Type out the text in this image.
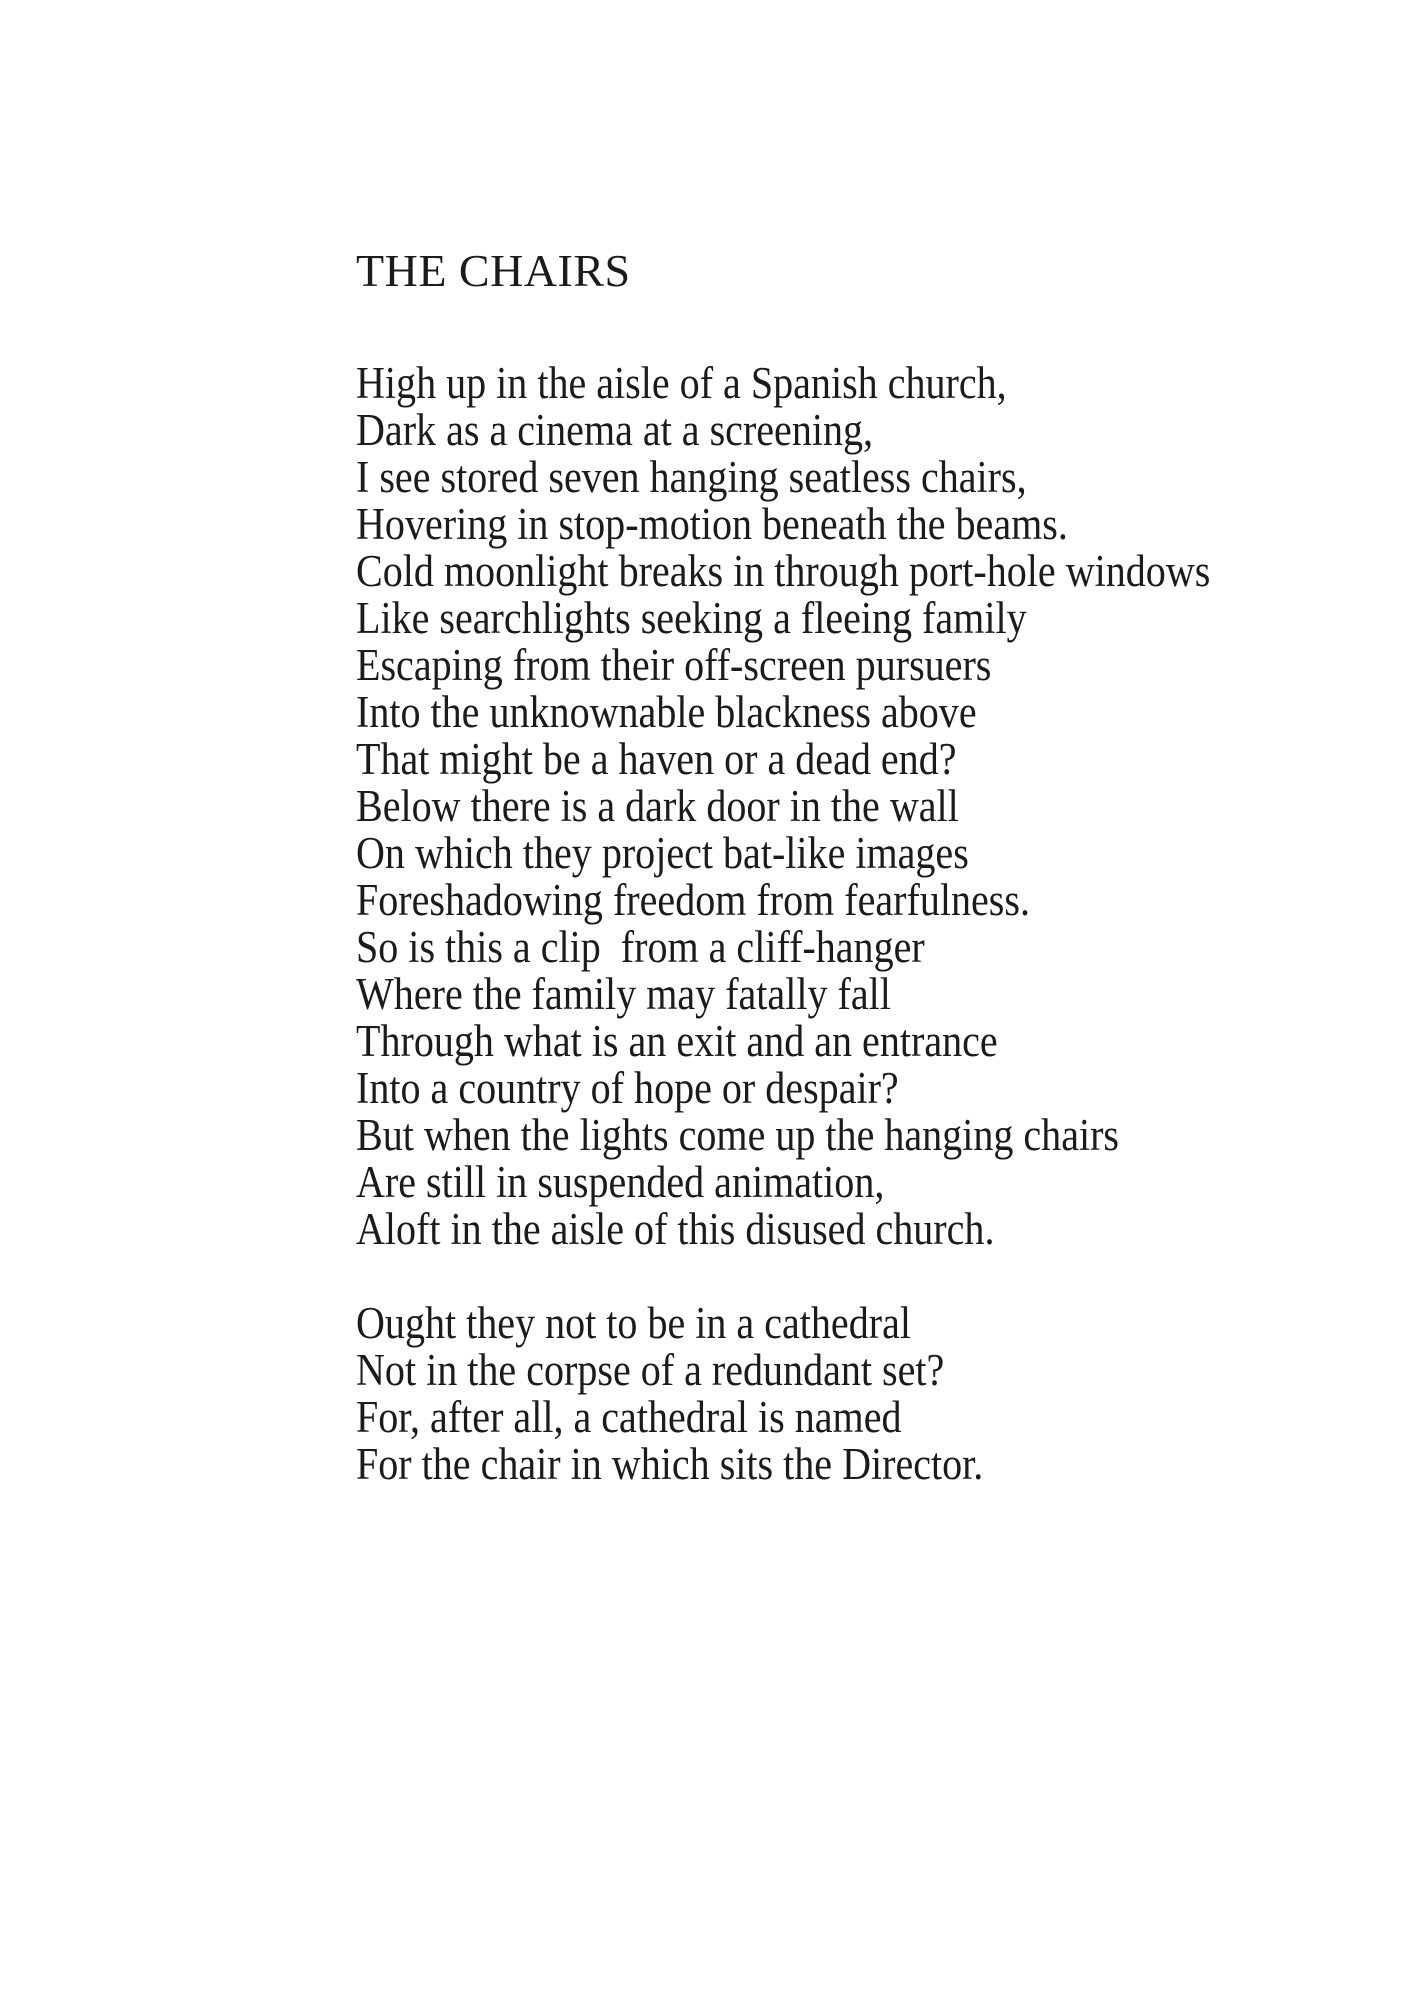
THE CHAIRS
High up in the aisle of a Spanish church,
Dark as a cinema at a screening,
I see stored seven hanging seatless chairs,
Hovering in stop-motion beneath the beams.
Cold moonlight breaks in through port-hole windows
Like searchlights seeking a fleeing family
Escaping from their off-screen pursuers
Into the unknownable blackness above
That might be a haven or a dead end?
Below there is a dark door in the wall
On which they project bat-like images
Foreshadowing freedom from fearfulness.
So is this a clip  from a cliff-hanger
Where the family may fatally fall
Through what is an exit and an entrance
Into a country of hope or despair?
But when the lights come up the hanging chairs
Are still in suspended animation,
Aloft in the aisle of this disused church.
Ought they not to be in a cathedral
Not in the corpse of a redundant set?
For, after all, a cathedral is named
For the chair in which sits the Director.
